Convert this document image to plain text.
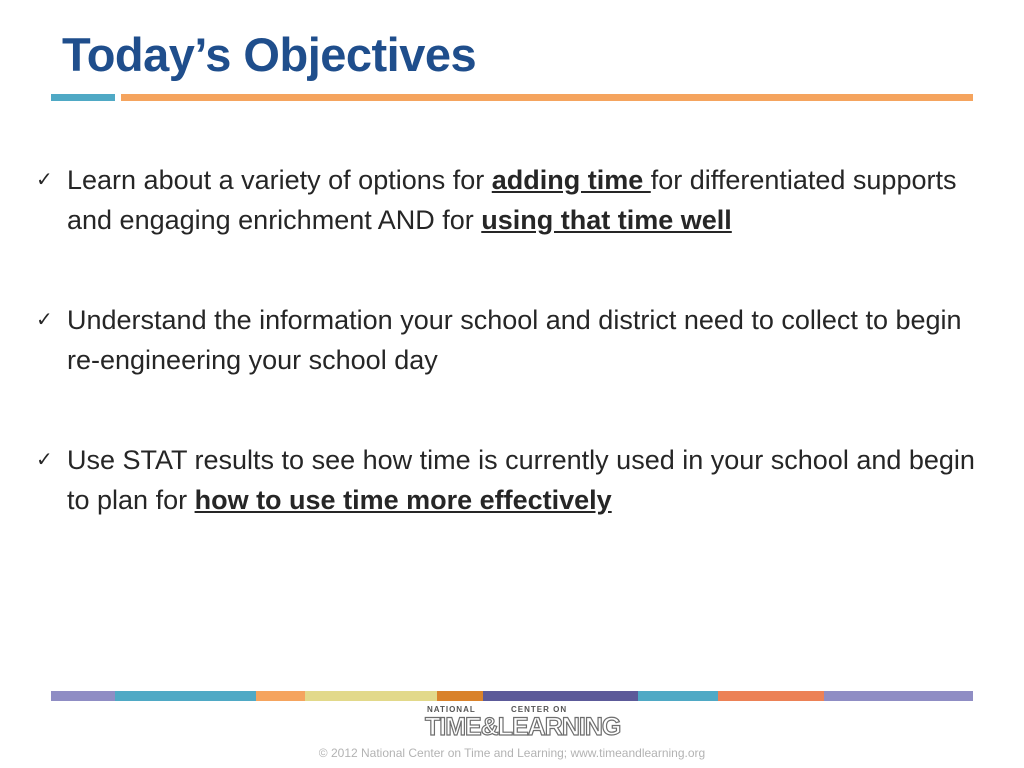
Today’s Objectives
✓ Learn about a variety of options for adding time for differentiated supports and engaging enrichment AND for using that time well
✓ Understand the information your school and district need to collect to begin re-engineering your school day
✓ Use STAT results to see how time is currently used in your school and begin to plan for how to use time more effectively
NATIONAL	CENTER ON
TIME&LEARNING
© 2012 National Center on Time and Learning; www.timeandlearning.org
